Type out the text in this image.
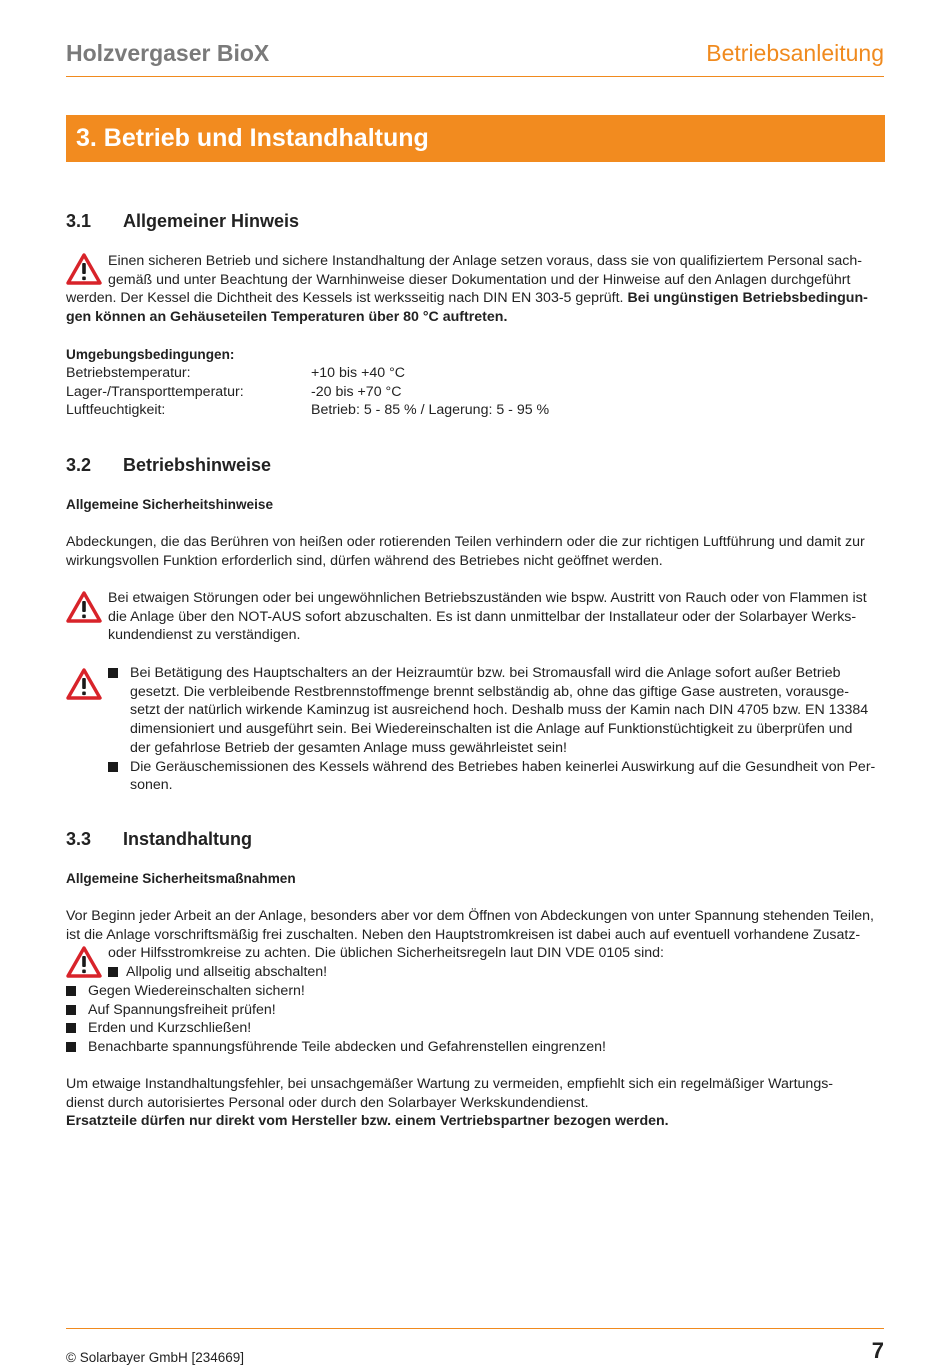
Holzvergaser BioX	Betriebsanleitung
3. Betrieb und Instandhaltung
3.1 Allgemeiner Hinweis

Einen sicheren Betrieb und sichere Instandhaltung der Anlage setzen voraus, dass sie von qualifiziertem Personal sach-

gemäß und unter Beachtung der Warnhinweise dieser Dokumentation und der Hinweise auf den Anlagen durchgeführt

werden. Der Kessel die Dichtheit des Kessels ist werksseitig nach DIN EN 303-5 geprüft. Bei ungünstigen Betriebsbedingun-

gen können an Gehäuseteilen Temperaturen über 80 °C auftreten.

Umgebungsbedingungen:
Betriebstemperatur:	+10 bis +40 °C
Lager-/Transporttemperatur:	-20 bis +70 °C
Luftfeuchtigkeit:	Betrieb: 5 - 85 % / Lagerung: 5 - 95 %
3.2 Betriebshinweise
Allgemeine Sicherheitshinweise

Abdeckungen, die das Berühren von heißen oder rotierenden Teilen verhindern oder die zur richtigen Luftführung und damit zur

wirkungsvollen Funktion erforderlich sind, dürfen während des Betriebes nicht geöffnet werden.

Bei etwaigen Störungen oder bei ungewöhnlichen Betriebszuständen wie bspw. Austritt von Rauch oder von Flammen ist

die Anlage über den NOT-AUS sofort abzuschalten. Es ist dann unmittelbar der Installateur oder der Solarbayer Werks-

kundendienst zu verständigen.

Bei Betätigung des Hauptschalters an der Heizraumtür bzw. bei Stromausfall wird die Anlage sofort außer Betrieb

gesetzt. Die verbleibende Restbrennstoffmenge brennt selbständig ab, ohne das giftige Gase austreten, vorausge-

setzt der natürlich wirkende Kaminzug ist ausreichend hoch. Deshalb muss der Kamin nach DIN 4705 bzw. EN 13384

dimensioniert und ausgeführt sein. Bei Wiedereinschalten ist die Anlage auf Funktionstüchtigkeit zu überprüfen und

der gefahrlose Betrieb der gesamten Anlage muss gewährleistet sein!

Die Geräuschemissionen des Kessels während des Betriebes haben keinerlei Auswirkung auf die Gesundheit von Per-

sonen.

3.3 Instandhaltung
Allgemeine Sicherheitsmaßnahmen

Vor Beginn jeder Arbeit an der Anlage, besonders aber vor dem Öffnen von Abdeckungen von unter Spannung stehenden Teilen,

ist die Anlage vorschriftsmäßig frei zuschalten. Neben den Hauptstromkreisen ist dabei auch auf eventuell vorhandene Zusatz-

oder Hilfsstromkreise zu achten. Die üblichen Sicherheitsregeln laut DIN VDE 0105 sind:

Allpolig und allseitig abschalten!
Gegen Wiedereinschalten sichern!
Auf Spannungsfreiheit prüfen!
Erden und Kurzschließen!
Benachbarte spannungsführende Teile abdecken und Gefahrenstellen eingrenzen!

Um etwaige Instandhaltungsfehler, bei unsachgemäßer Wartung zu vermeiden, empfiehlt sich ein regelmäßiger Wartungs-

dienst durch autorisiertes Personal oder durch den Solarbayer Werkskundendienst.

Ersatzteile dürfen nur direkt vom Hersteller bzw. einem Vertriebspartner bezogen werden.

© Solarbayer GmbH [234669]	7
